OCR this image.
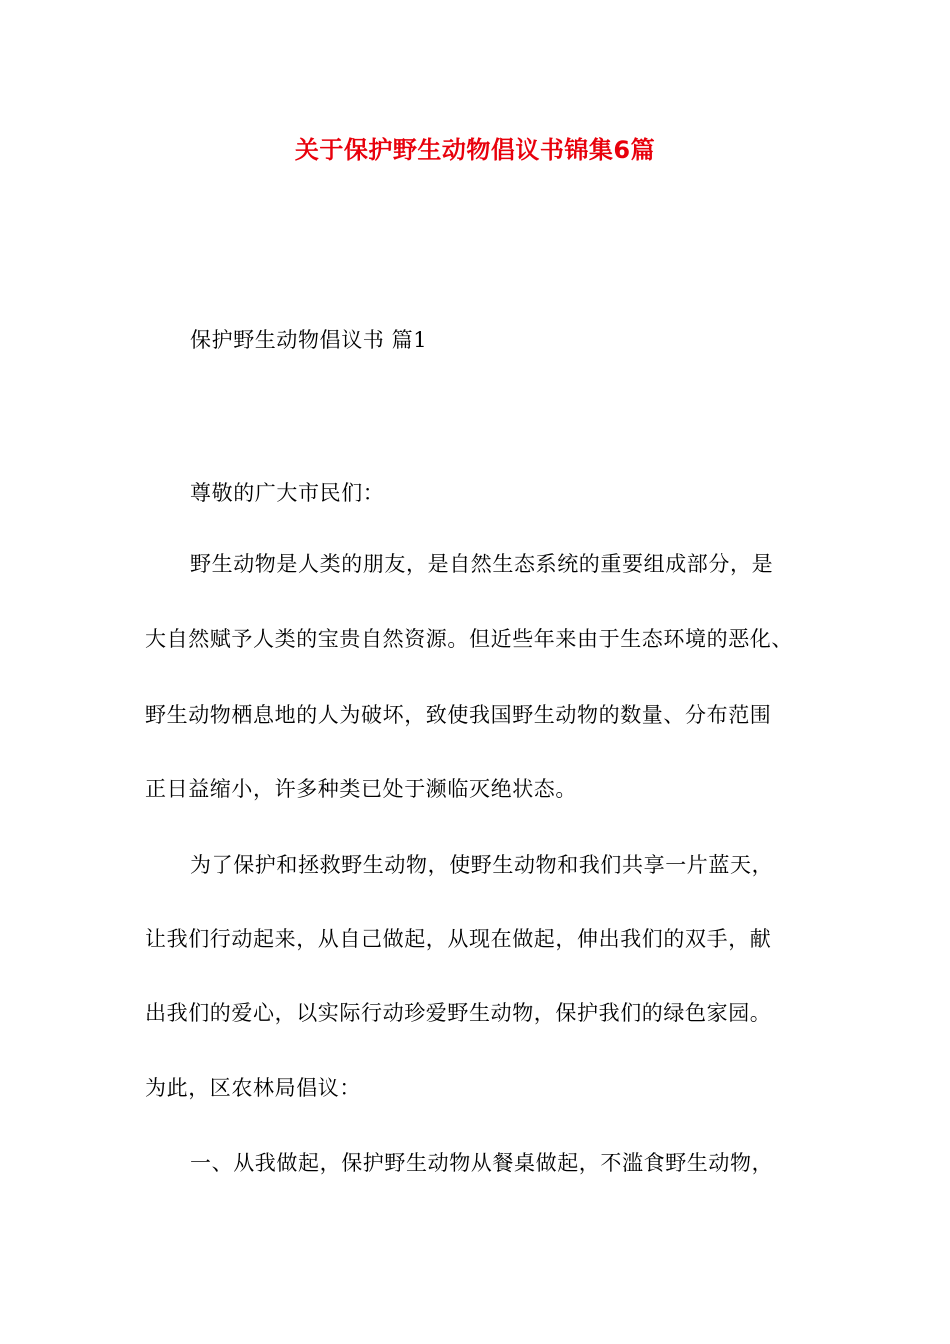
关于保护野生动物倡议书锦集6篇
保护野生动物倡议书 篇1
尊敬的广大市民们：
野生动物是人类的朋友，是自然生态系统的重要组成部分，是
大自然赋予人类的宝贵自然资源。但近些年来由于生态环境的恶化、
野生动物栖息地的人为破坏，致使我国野生动物的数量、分布范围
正日益缩小，许多种类已处于濒临灭绝状态。
为了保护和拯救野生动物，使野生动物和我们共享一片蓝天，
让我们行动起来，从自己做起，从现在做起，伸出我们的双手，献
出我们的爱心，以实际行动珍爱野生动物，保护我们的绿色家园。
为此，区农林局倡议：
一、从我做起，保护野生动物从餐桌做起，不滥食野生动物，
